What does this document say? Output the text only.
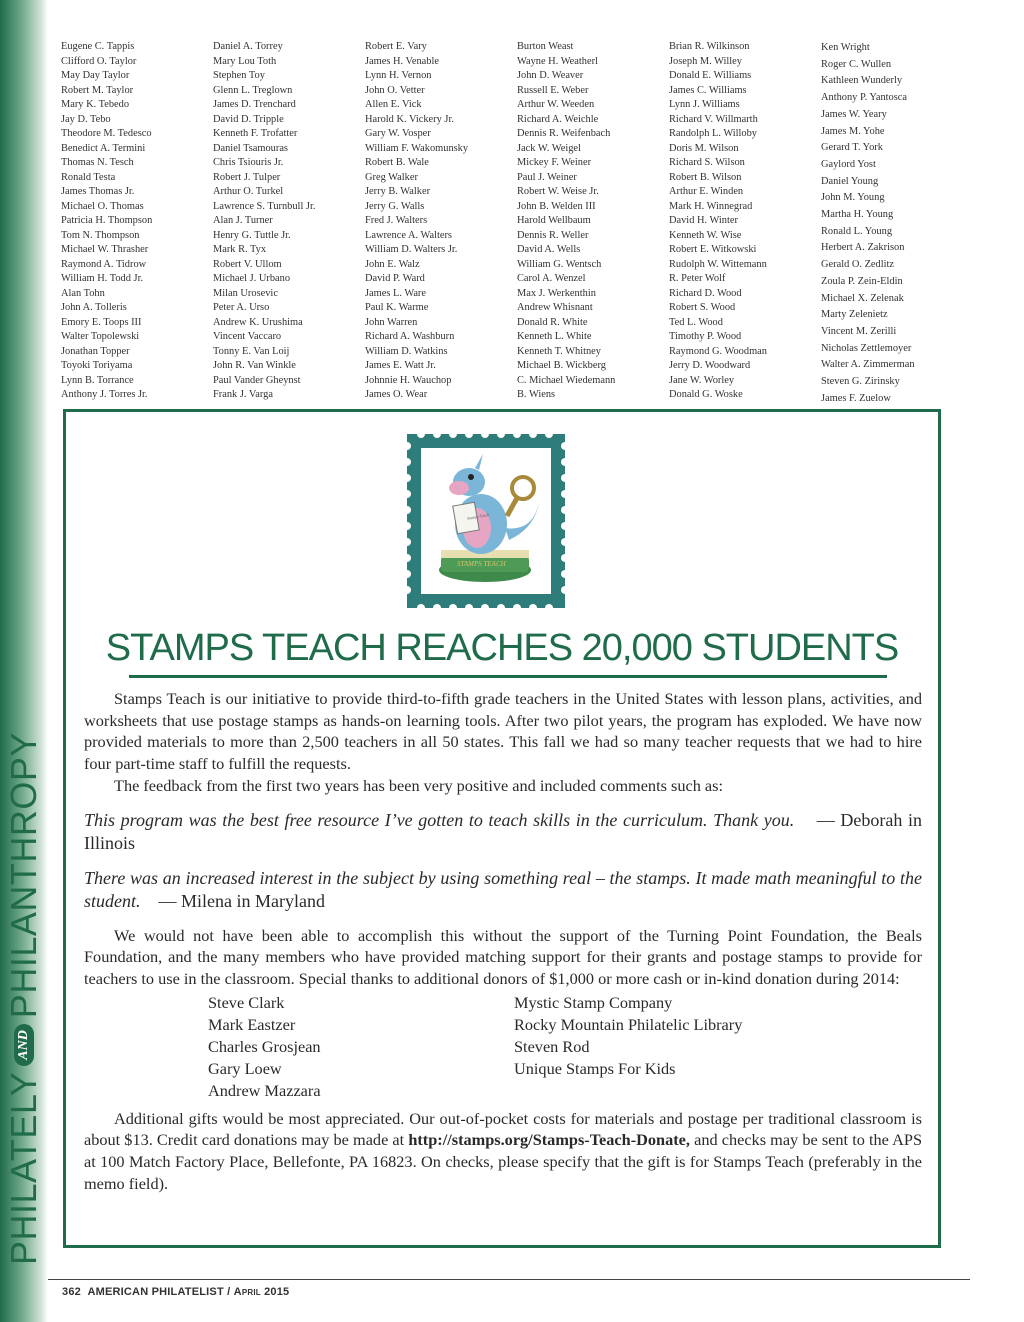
PHILATELY
AND
PHILANTHROPY
Eugene C. Tappis
Clifford O. Taylor
May Day Taylor
Robert M. Taylor
Mary K. Tebedo
Jay D. Tebo
Theodore M. Tedesco
Benedict A. Termini
Thomas N. Tesch
Ronald Testa
James Thomas Jr.
Michael O. Thomas
Patricia H. Thompson
Tom N. Thompson
Michael W. Thrasher
Raymond A. Tidrow
William H. Todd Jr.
Alan Tohn
John A. Tolleris
Emory E. Toops III
Walter Topolewski
Jonathan Topper
Toyoki Toriyama
Lynn B. Torrance
Anthony J. Torres Jr.
Daniel A. Torrey
Mary Lou Toth
Stephen Toy
Glenn L. Treglown
James D. Trenchard
David D. Tripple
Kenneth F. Trofatter
Daniel Tsamouras
Chris Tsiouris Jr.
Robert J. Tulper
Arthur O. Turkel
Lawrence S. Turnbull Jr.
Alan J. Turner
Henry G. Tuttle Jr.
Mark R. Tyx
Robert V. Ullom
Michael J. Urbano
Milan Urosevic
Peter A. Urso
Andrew K. Urushima
Vincent Vaccaro
Tonny E. Van Loij
John R. Van Winkle
Paul Vander Gheynst
Frank J. Varga
Robert E. Vary
James H. Venable
Lynn H. Vernon
John O. Vetter
Allen E. Vick
Harold K. Vickery Jr.
Gary W. Vosper
William F. Wakomunsky
Robert B. Wale
Greg Walker
Jerry B. Walker
Jerry G. Walls
Fred J. Walters
Lawrence A. Walters
William D. Walters Jr.
John E. Walz
David P. Ward
James L. Ware
Paul K. Warme
John Warren
Richard A. Washburn
William D. Watkins
James E. Watt Jr.
Johnnie H. Wauchop
James O. Wear
Burton Weast
Wayne H. Weatherl
John D. Weaver
Russell E. Weber
Arthur W. Weeden
Richard A. Weichle
Dennis R. Weifenbach
Jack W. Weigel
Mickey F. Weiner
Paul J. Weiner
Robert W. Weise Jr.
John B. Welden III
Harold Wellbaum
Dennis R. Weller
David A. Wells
William G. Wentsch
Carol A. Wenzel
Max J. Werkenthin
Andrew Whisnant
Donald R. White
Kenneth L. White
Kenneth T. Whitney
Michael B. Wickberg
C. Michael Wiedemann
B. Wiens
Brian R. Wilkinson
Joseph M. Willey
Donald E. Williams
James C. Williams
Lynn J. Williams
Richard V. Willmarth
Randolph L. Willoby
Doris M. Wilson
Richard S. Wilson
Robert B. Wilson
Arthur E. Winden
Mark H. Winnegrad
David H. Winter
Kenneth W. Wise
Robert E. Witkowski
Rudolph W. Wittemann
R. Peter Wolf
Richard D. Wood
Robert S. Wood
Ted L. Wood
Timothy P. Wood
Raymond G. Woodman
Jerry D. Woodward
Jane W. Worley
Donald G. Woske
Ken Wright
Roger C. Wullen
Kathleen Wunderly
Anthony P. Yantosca
James W. Yeary
James M. Yohe
Gerard T. York
Gaylord Yost
Daniel Young
John M. Young
Martha H. Young
Ronald L. Young
Herbert A. Zakrison
Gerald O. Zedlitz
Zoula P. Zein-Eldin
Michael X. Zelenak
Marty Zelenietz
Vincent M. Zerilli
Nicholas Zettlemoyer
Walter A. Zimmerman
Steven G. Zirinsky
James F. Zuelow
Stamps Teach
STAMPS TEACH
STAMPS TEACH REACHES 20,000 STUDENTS

Stamps Teach is our initiative to provide third-to-fifth grade teachers in the United States with lesson plans, activities, and worksheets that use postage stamps as hands-on learning tools. After two pilot years, the program has exploded. We have now provided materials to more than 2,500 teachers in all 50 states. This fall we had so many teacher requests that we had to hire four part-time staff to fulfill the requests.

The feedback from the first two years has been very positive and included comments such as:

This program was the best free resource I’ve gotten to teach skills in the curriculum. Thank you. — Deborah in Illinois

There was an increased interest in the subject by using something real – the stamps. It made math meaningful to the student. — Milena in Maryland

We would not have been able to accomplish this without the support of the Turning Point Foundation, the Beals Foundation, and the many members who have provided matching support for their grants and postage stamps to provide for teachers to use in the classroom. Special thanks to additional donors of $1,000 or more cash or in-kind donation during 2014:

Steve Clark
Mark Eastzer
Charles Grosjean
Gary Loew
Andrew Mazzara
Mystic Stamp Company
Rocky Mountain Philatelic Library
Steven Rod
Unique Stamps For Kids

Additional gifts would be most appreciated. Our out-of-pocket costs for materials and postage per traditional classroom is about $13. Credit card donations may be made at http://stamps.org/Stamps-Teach-Donate, and checks may be sent to the APS at 100 Match Factory Place, Bellefonte, PA 16823. On checks, please specify that the gift is for Stamps Teach (preferably in the memo field).

362 AMERICAN PHILATELIST / April 2015
